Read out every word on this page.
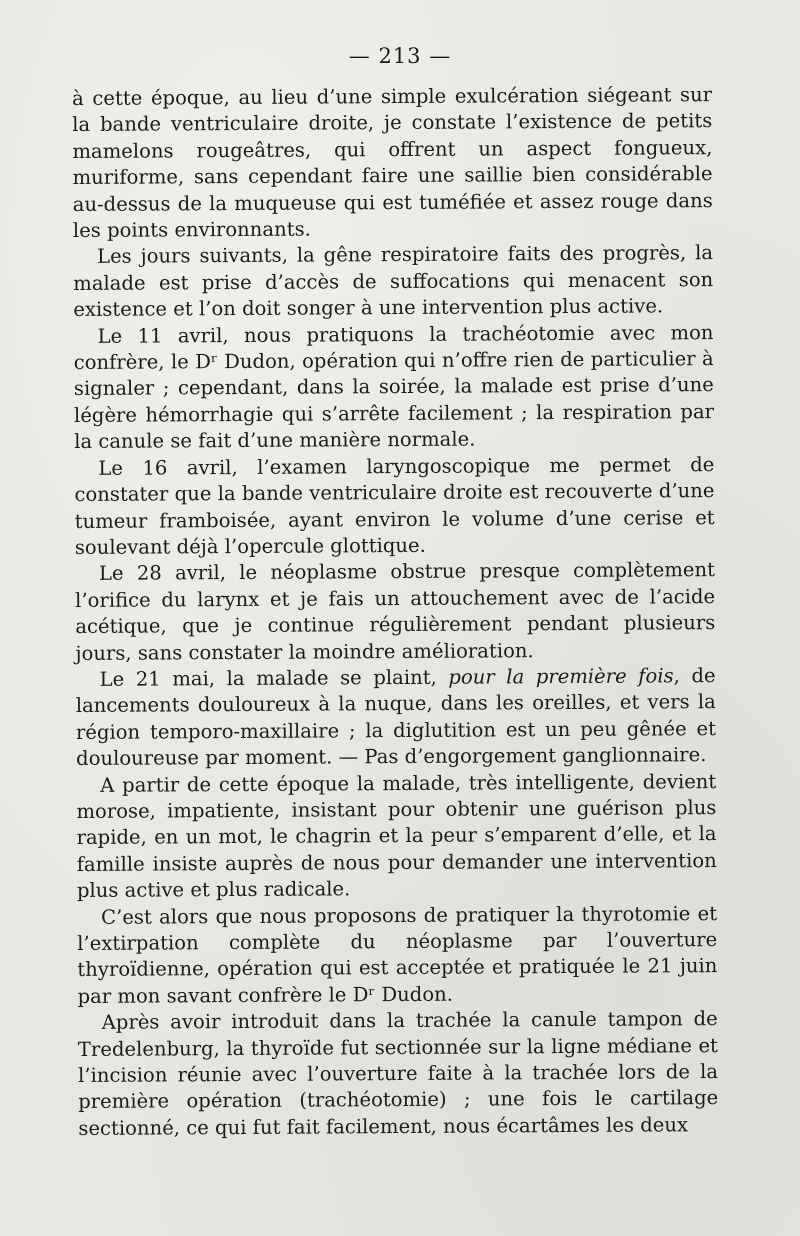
— 213 —

à cette époque, au lieu d’une simple exulcération siégeant sur la bande ventriculaire droite, je constate l’existence de petits mamelons rougeâtres, qui offrent un aspect fongueux, muriforme, sans cependant faire une saillie bien considérable au-dessus de la muqueuse qui est tuméfiée et assez rouge dans les points environnants.

Les jours suivants, la gêne respiratoire faits des progrès, la malade est prise d’accès de suffocations qui menacent son existence et l’on doit songer à une intervention plus active.

Le 11 avril, nous pratiquons la trachéotomie avec mon confrère, le Dʳ Dudon, opération qui n’offre rien de particulier à signaler ; cependant, dans la soirée, la malade est prise d’une légère hémorrhagie qui s’arrête facilement ; la respiration par la canule se fait d’une manière normale.

Le 16 avril, l’examen laryngoscopique me permet de constater que la bande ventriculaire droite est recouverte d’une tumeur framboisée, ayant environ le volume d’une cerise et soulevant déjà l’opercule glottique.

Le 28 avril, le néoplasme obstrue presque complètement l’orifice du larynx et je fais un attouchement avec de l’acide acétique, que je continue régulièrement pendant plusieurs jours, sans constater la moindre amélioration.

Le 21 mai, la malade se plaint, pour la première fois, de lancements douloureux à la nuque, dans les oreilles, et vers la région temporo-maxillaire ; la diglutition est un peu gênée et douloureuse par moment. — Pas d’engorgement ganglionnaire.

A partir de cette époque la malade, très intelligente, devient morose, impatiente, insistant pour obtenir une guérison plus rapide, en un mot, le chagrin et la peur s’emparent d’elle, et la famille insiste auprès de nous pour demander une intervention plus active et plus radicale.

C’est alors que nous proposons de pratiquer la thyrotomie et l’extirpation complète du néoplasme par l’ouverture thyroïdienne, opération qui est acceptée et pratiquée le 21 juin par mon savant confrère le Dʳ Dudon.

Après avoir introduit dans la trachée la canule tampon de Tredelenburg, la thyroïde fut sectionnée sur la ligne médiane et l’incision réunie avec l’ouverture faite à la trachée lors de la première opération (trachéotomie) ; une fois le cartilage sectionné, ce qui fut fait facilement, nous écartâmes les deux
